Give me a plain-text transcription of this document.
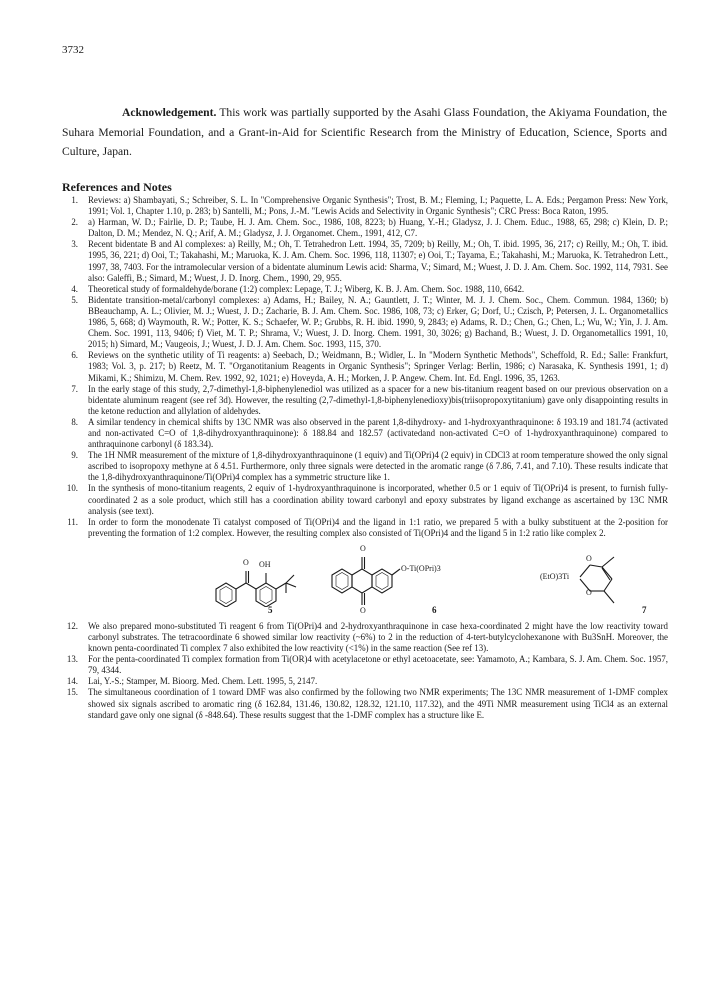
3732
Acknowledgement. This work was partially supported by the Asahi Glass Foundation, the Akiyama Foundation, the Suhara Memorial Foundation, and a Grant-in-Aid for Scientific Research from the Ministry of Education, Science, Sports and Culture, Japan.
References and Notes

1. Reviews: a) Shambayati, S.; Schreiber, S. L. In "Comprehensive Organic Synthesis"; Trost, B. M.; Fleming, I.; Paquette, L. A. Eds.; Pergamon Press: New York, 1991; Vol. 1, Chapter 1.10, p. 283; b) Santelli, M.; Pons, J.-M. "Lewis Acids and Selectivity in Organic Synthesis"; CRC Press: Boca Raton, 1995.

2. a) Harman, W. D.; Fairlie, D. P.; Taube, H. J. Am. Chem. Soc., 1986, 108, 8223; b) Huang, Y.-H.; Gladysz, J. J. Chem. Educ., 1988, 65, 298; c) Klein, D. P.; Dalton, D. M.; Mendez, N. Q.; Arif, A. M.; Gladysz, J. J. Organomet. Chem., 1991, 412, C7.

3. Recent bidentate B and Al complexes: a) Reilly, M.; Oh, T. Tetrahedron Lett. 1994, 35, 7209; b) Reilly, M.; Oh, T. ibid. 1995, 36, 217; c) Reilly, M.; Oh, T. ibid. 1995, 36, 221; d) Ooi, T.; Takahashi, M.; Maruoka, K. J. Am. Chem. Soc. 1996, 118, 11307; e) Ooi, T.; Tayama, E.; Takahashi, M.; Maruoka, K. Tetrahedron Lett., 1997, 38, 7403. For the intramolecular version of a bidentate aluminum Lewis acid: Sharma, V.; Simard, M.; Wuest, J. D. J. Am. Chem. Soc. 1992, 114, 7931. See also: Galeffi, B.; Simard, M.; Wuest, J. D. Inorg. Chem., 1990, 29, 955.

4. Theoretical study of formaldehyde/borane (1:2) complex: Lepage, T. J.; Wiberg, K. B. J. Am. Chem. Soc. 1988, 110, 6642.

5. Bidentate transition-metal/carbonyl complexes: a) Adams, H.; Bailey, N. A.; Gauntlett, J. T.; Winter, M. J. J. Chem. Soc., Chem. Commun. 1984, 1360; b) BBeauchamp, A. L.; Olivier, M. J.; Wuest, J. D.; Zacharie, B. J. Am. Chem. Soc. 1986, 108, 73; c) Erker, G; Dorf, U.; Czisch, P; Petersen, J. L. Organometallics 1986, 5, 668; d) Waymouth, R. W.; Potter, K. S.; Schaefer, W. P.; Grubbs, R. H. ibid. 1990, 9, 2843; e) Adams, R. D.; Chen, G.; Chen, L.; Wu, W.; Yin, J. J. Am. Chem. Soc. 1991, 113, 9406; f) Viet, M. T. P.; Shrama, V.; Wuest, J. D. Inorg. Chem. 1991, 30, 3026; g) Bachand, B.; Wuest, J. D. Organometallics 1991, 10, 2015; h) Simard, M.; Vaugeois, J.; Wuest, J. D. J. Am. Chem. Soc. 1993, 115, 370.

6. Reviews on the synthetic utility of Ti reagents: a) Seebach, D.; Weidmann, B.; Widler, L. In "Modern Synthetic Methods", Scheffold, R. Ed.; Salle: Frankfurt, 1983; Vol. 3, p. 217; b) Reetz, M. T. "Organotitanium Reagents in Organic Synthesis"; Springer Verlag: Berlin, 1986; c) Narasaka, K. Synthesis 1991, 1; d) Mikami, K.; Shimizu, M. Chem. Rev. 1992, 92, 1021; e) Hoveyda, A. H.; Morken, J. P. Angew. Chem. Int. Ed. Engl. 1996, 35, 1263.

7. In the early stage of this study, 2,7-dimethyl-1,8-biphenylenediol was utilized as a spacer for a new bis-titanium reagent based on our previous observation on a bidentate aluminum reagent (see ref 3d). However, the resulting (2,7-dimethyl-1,8-biphenylenedioxy)bis(triisopropoxytitanium) gave only disappointing results in the ketone reduction and allylation of aldehydes.

8. A similar tendency in chemical shifts by 13C NMR was also observed in the parent 1,8-dihydroxy- and 1-hydroxyanthraquinone: δ 193.19 and 181.74 (activated and non-activated C=O of 1,8-dihydroxyanthraquinone): δ 188.84 and 182.57 (activatedand non-activated C=O of 1-hydroxyanthraquinone) compared to anthraquinone carbonyl (δ 183.34).

9. The 1H NMR measurement of the mixture of 1,8-dihydroxyanthraquinone (1 equiv) and Ti(OPri)4 (2 equiv) in CDCl3 at room temperature showed the only signal ascribed to isopropoxy methyne at δ 4.51. Furthermore, only three signals were detected in the aromatic range (δ 7.86, 7.41, and 7.10). These results indicate that the 1,8-dihydroxyanthraquinone/Ti(OPri)4 complex has a symmetric structure like 1.

10. In the synthesis of mono-titanium reagents, 2 equiv of 1-hydroxyanthraquinone is incorporated, whether 0.5 or 1 equiv of Ti(OPri)4 is present, to furnish fully-coordinated 2 as a sole product, which still has a coordination ability toward carbonyl and epoxy substrates by ligand exchange as ascertained by 13C NMR analysis (see text).

11. In order to form the monodenate Ti catalyst composed of Ti(OPri)4 and the ligand in 1:1 ratio, we prepared 5 with a bulky substituent at the 2-position for preventing the formation of 1:2 complex. However, the resulting complex also consisted of Ti(OPri)4 and the ligand 5 in 1:2 ratio like complex 2.

O OH
5
O
O
O-Ti(OPri)3
6
O
O
(EtO)3Ti
7

12. We also prepared mono-substituted Ti reagent 6 from Ti(OPri)4 and 2-hydroxyanthraquinone in case hexa-coordinated 2 might have the low reactivity toward carbonyl substrates. The tetracoordinate 6 showed similar low reactivity (~6%) to 2 in the reduction of 4-tert-butylcyclohexanone with Bu3SnH. Moreover, the known penta-coordinated Ti complex 7 also exhibited the low reactivity (<1%) in the same reaction (See ref 13).

13. For the penta-coordinated Ti complex formation from Ti(OR)4 with acetylacetone or ethyl acetoacetate, see: Yamamoto, A.; Kambara, S. J. Am. Chem. Soc. 1957, 79, 4344.

14. Lai, Y.-S.; Stamper, M. Bioorg. Med. Chem. Lett. 1995, 5, 2147.

15. The simultaneous coordination of 1 toward DMF was also confirmed by the following two NMR experiments; The 13C NMR measurement of 1-DMF complex showed six signals ascribed to aromatic ring (δ 162.84, 131.46, 130.82, 128.32, 121.10, 117.32), and the 49Ti NMR measurement using TiCl4 as an external standard gave only one signal (δ -848.64). These results suggest that the 1-DMF complex has a structure like E.
